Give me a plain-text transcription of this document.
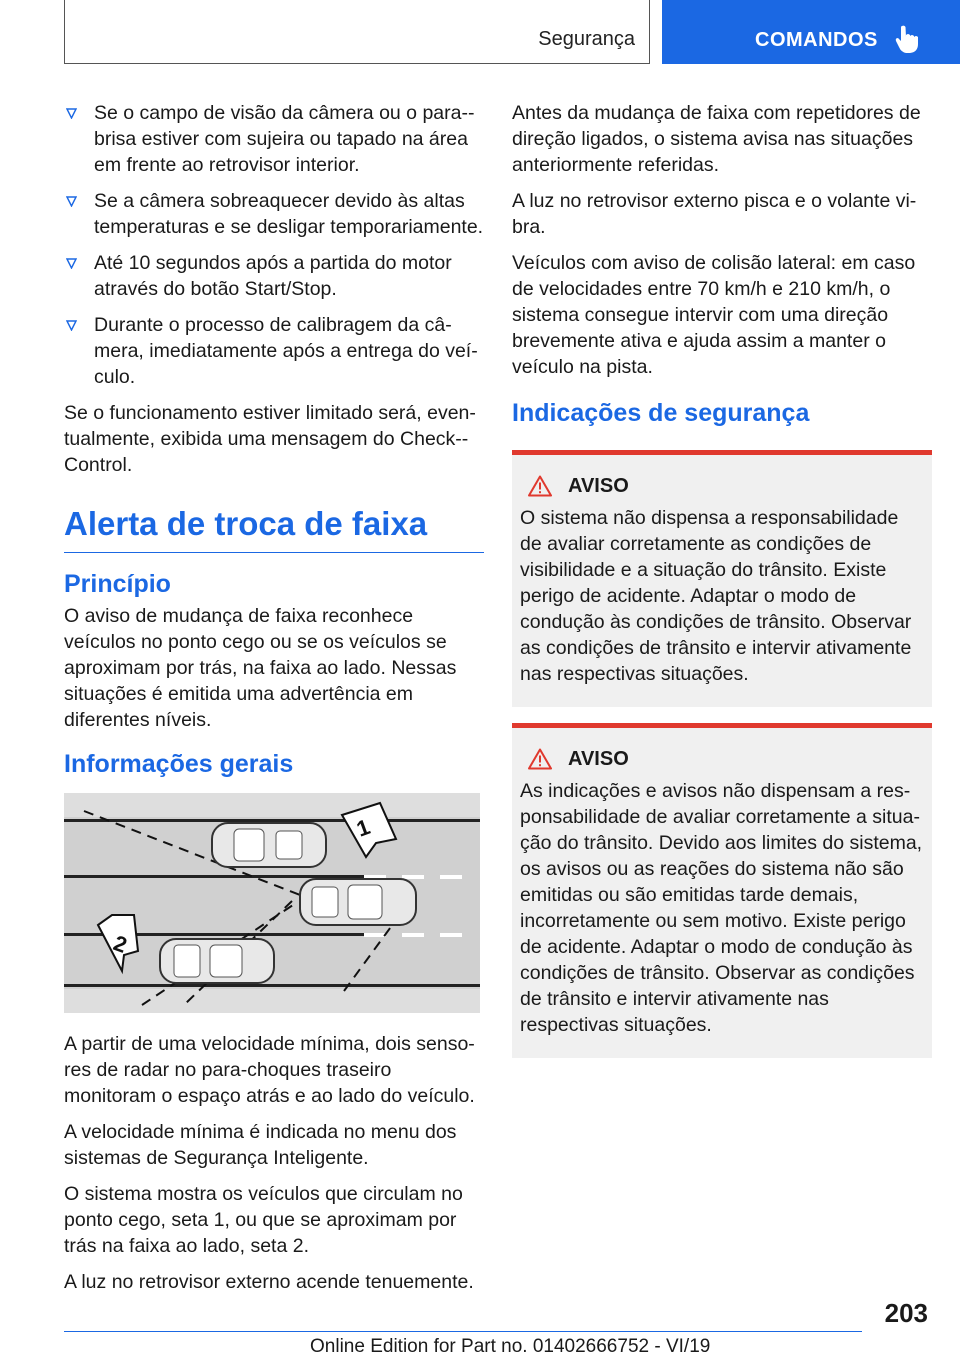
Segurança	COMANDOS
Se o campo de visão da câmera ou o para--brisa estiver com sujeira ou tapado na área em frente ao retrovisor interior.
Se a câmera sobreaquecer devido às altas temperaturas e se desligar temporariamente.
Até 10 segundos após a partida do motor através do botão Start/Stop.
Durante o processo de calibragem da câmera, imediatamente após a entrega do veículo.

Se o funcionamento estiver limitado será, eventualmente, exibida uma mensagem do Check--Control.

Alerta de troca de faixa
Princípio

O aviso de mudança de faixa reconhece veículos no ponto cego ou se os veículos se aproximam por trás, na faixa ao lado. Nessas situações é emitida uma advertência em diferentes níveis.

Informações gerais
1
2

A partir de uma velocidade mínima, dois sensores de radar no para-choques traseiro monitoram o espaço atrás e ao lado do veículo.

A velocidade mínima é indicada no menu dos sistemas de Segurança Inteligente.

O sistema mostra os veículos que circulam no ponto cego, seta 1, ou que se aproximam por trás na faixa ao lado, seta 2.

A luz no retrovisor externo acende tenuemente.

Antes da mudança de faixa com repetidores de direção ligados, o sistema avisa nas situações anteriormente referidas.

A luz no retrovisor externo pisca e o volante vibra.

Veículos com aviso de colisão lateral: em caso de velocidades entre 70 km/h e 210 km/h, o sistema consegue intervir com uma direção brevemente ativa e ajuda assim a manter o veículo na pista.

Indicações de segurança
AVISO
O sistema não dispensa a responsabilidade de avaliar corretamente as condições de visibilidade e a situação do trânsito. Existe perigo de acidente. Adaptar o modo de condução às condições de trânsito. Observar as condições de trânsito e intervir ativamente nas respectivas situações.
AVISO
As indicações e avisos não dispensam a responsabilidade de avaliar corretamente a situação do trânsito. Devido aos limites do sistema, os avisos ou as reações do sistema não são emitidas ou são emitidas tarde demais, incorretamente ou sem motivo. Existe perigo de acidente. Adaptar o modo de condução às condições de trânsito. Observar as condições de trânsito e intervir ativamente nas respectivas situações.
203
Online Edition for Part no. 01402666752 - VI/19
